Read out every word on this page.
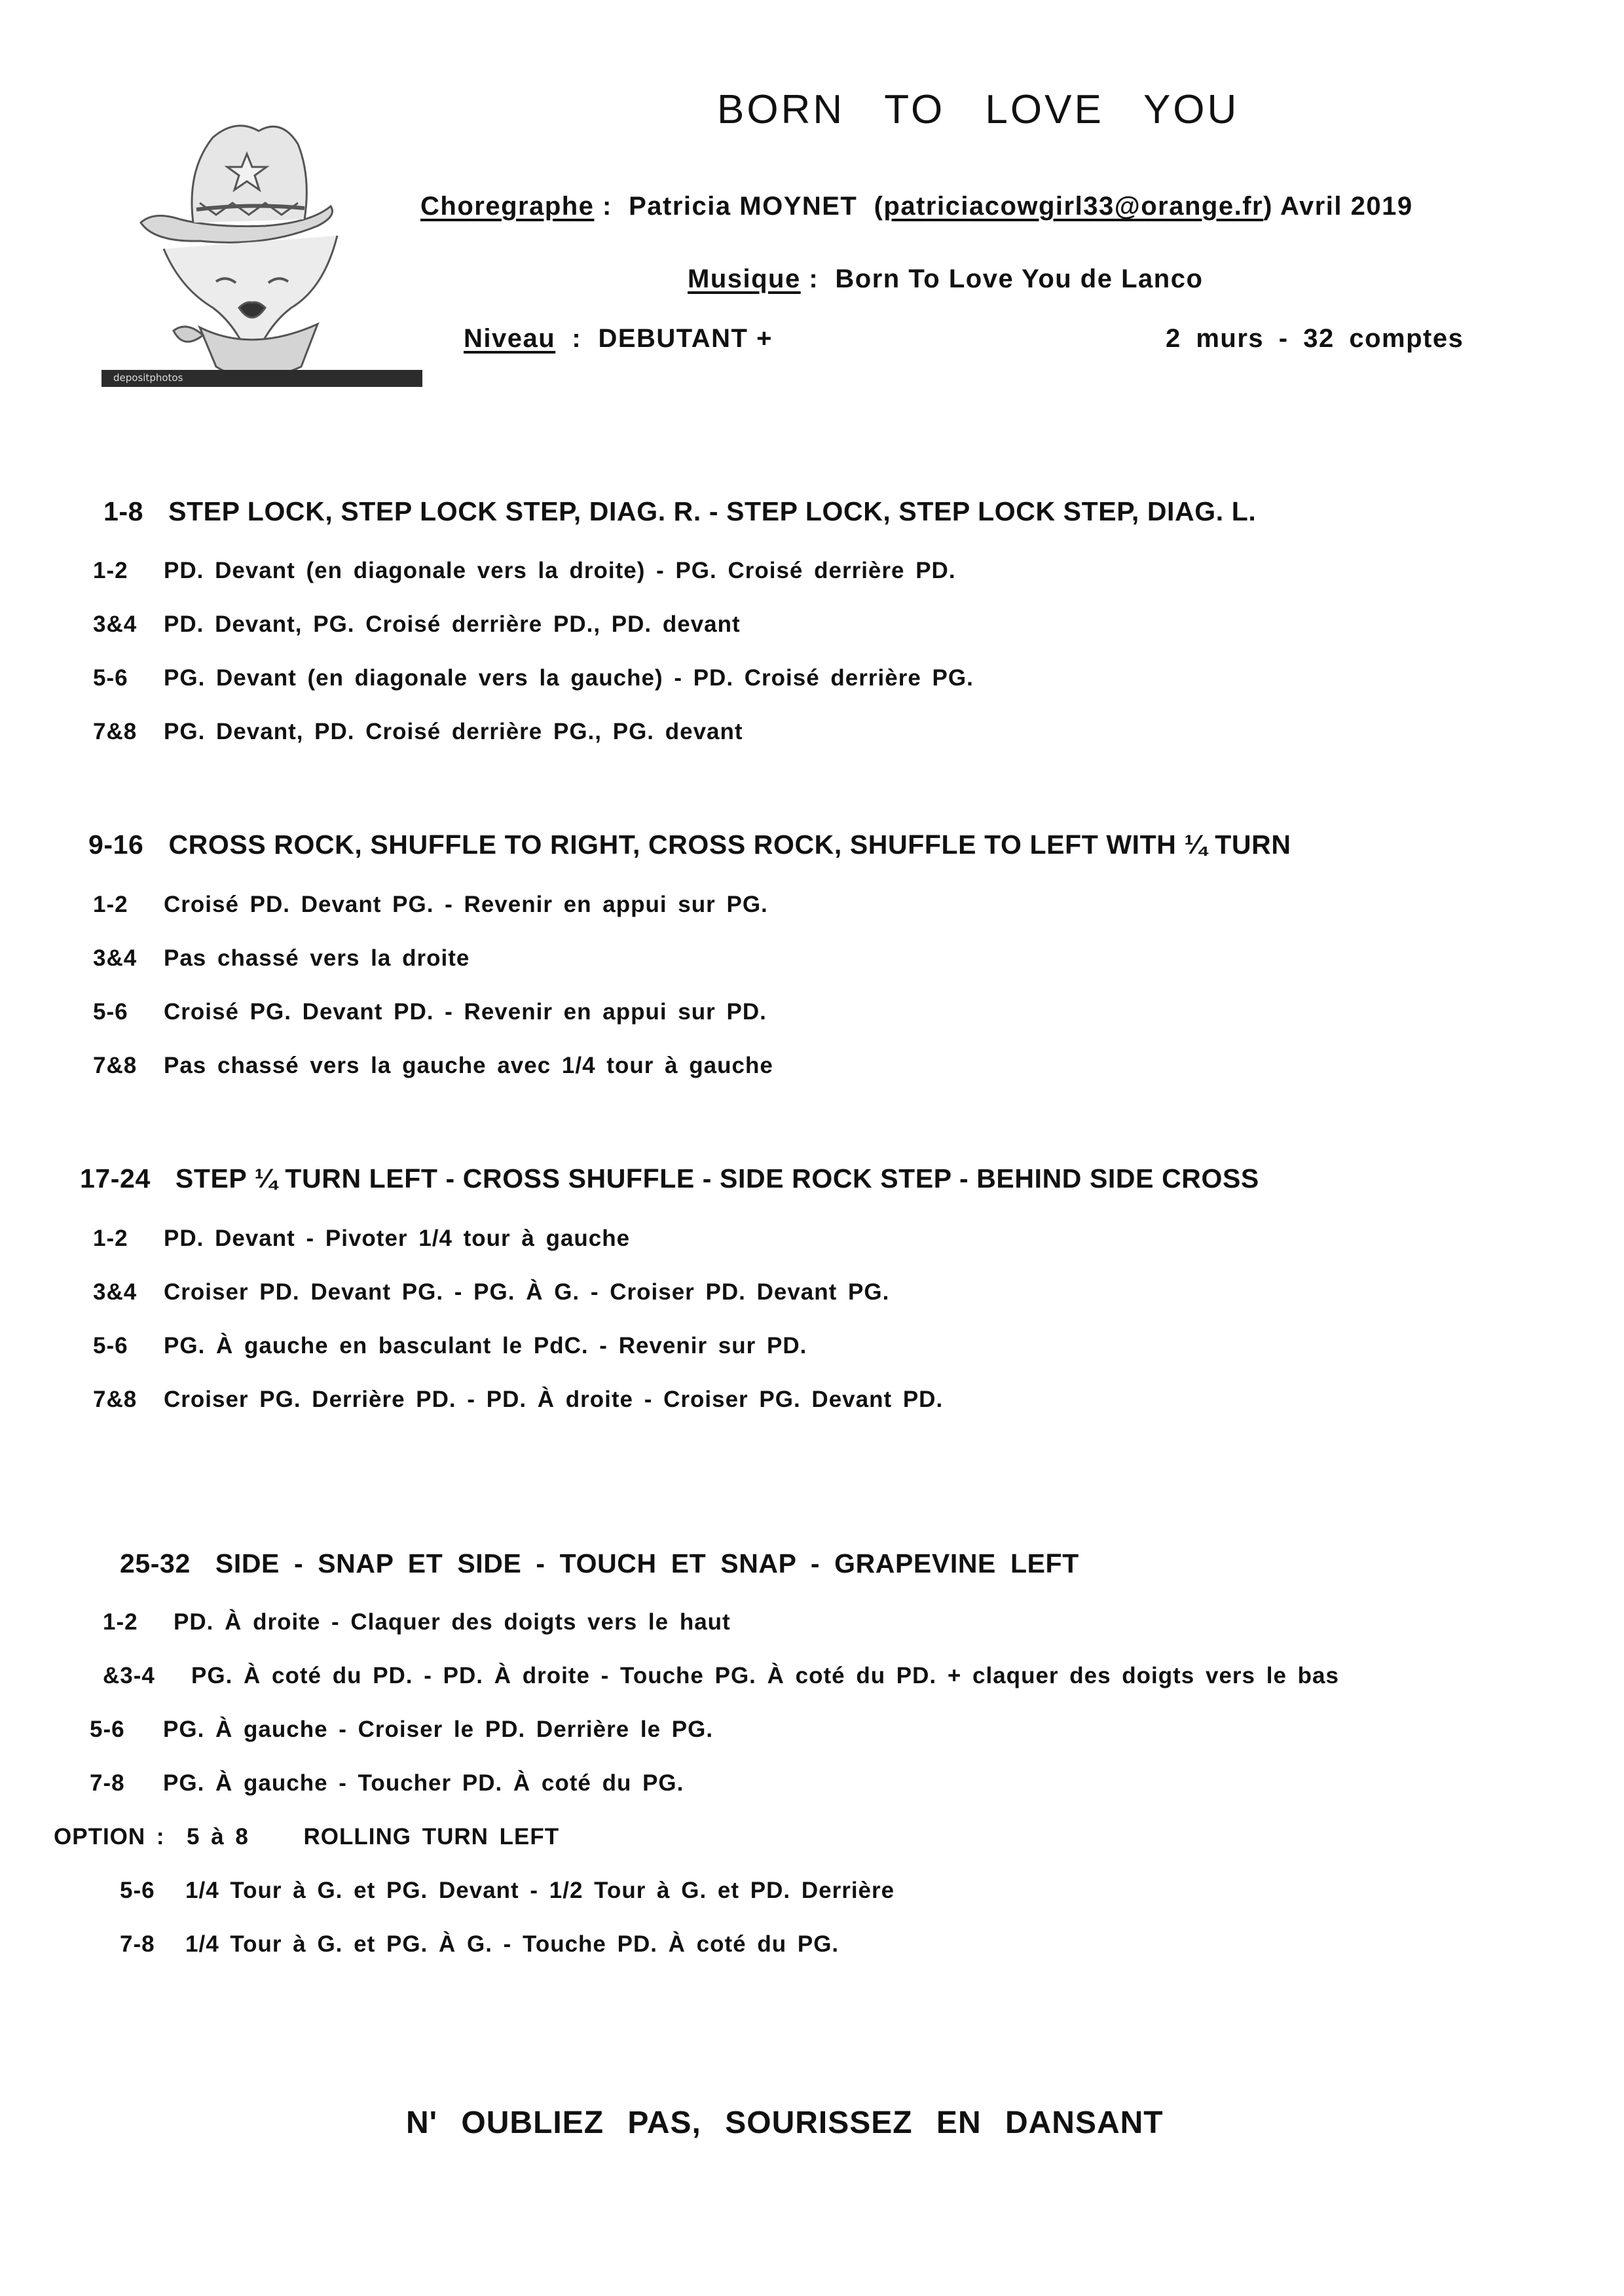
depositphotos
BORN TO LOVE YOU
Choregraphe :  Patricia MOYNET  (patriciacowgirl33@orange.fr) Avril 2019
Musique :  Born To Love You de Lanco
Niveau  :  DEBUTANT +	2 murs - 32 comptes
1-8 STEP LOCK, STEP LOCK STEP, DIAG. R. - STEP LOCK, STEP LOCK STEP, DIAG. L.
1-2 PD. Devant (en diagonale vers la droite) - PG. Croisé derrière PD.
3&4 PD. Devant, PG. Croisé derrière PD., PD. devant
5-6 PG. Devant (en diagonale vers la gauche) - PD. Croisé derrière PG.
7&8 PG. Devant, PD. Croisé derrière PG., PG. devant
9-16 CROSS ROCK, SHUFFLE TO RIGHT, CROSS ROCK, SHUFFLE TO LEFT WITH ¼ TURN
1-2 Croisé PD. Devant PG. - Revenir en appui sur PG.
3&4 Pas chassé vers la droite
5-6 Croisé PG. Devant PD. - Revenir en appui sur PD.
7&8 Pas chassé vers la gauche avec 1/4 tour à gauche
17-24 STEP ¼ TURN LEFT - CROSS SHUFFLE - SIDE ROCK STEP - BEHIND SIDE CROSS
1-2 PD. Devant - Pivoter 1/4 tour à gauche
3&4 Croiser PD. Devant PG. - PG. À G. - Croiser PD. Devant PG.
5-6 PG. À gauche en basculant le PdC. - Revenir sur PD.
7&8 Croiser PG. Derrière PD. - PD. À droite - Croiser PG. Devant PD.
25-32 SIDE - SNAP ET SIDE - TOUCH ET SNAP - GRAPEVINE LEFT
1-2 PD. À droite - Claquer des doigts vers le haut
&3-4 PG. À coté du PD. - PD. À droite - Touche PG. À coté du PD. + claquer des doigts vers le bas
5-6 PG. À gauche - Croiser le PD. Derrière le PG.
7-8 PG. À gauche - Toucher PD. À coté du PG.
OPTION : 5 à 8 ROLLING TURN LEFT
5-6 1/4 Tour à G. et PG. Devant - 1/2 Tour à G. et PD. Derrière
7-8 1/4 Tour à G. et PG. À G. - Touche PD. À coté du PG.
N' OUBLIEZ PAS, SOURISSEZ EN DANSANT
